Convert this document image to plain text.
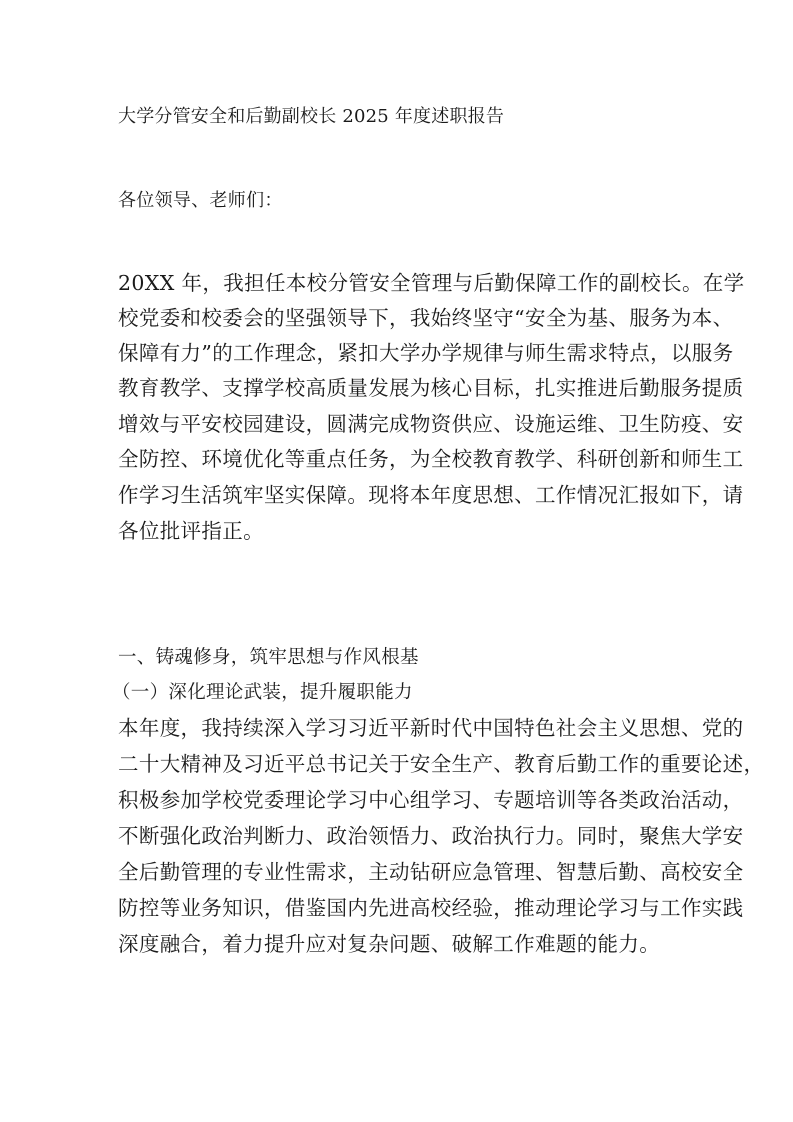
大学分管安全和后勤副校长 2025 年度述职报告
各位领导、老师们：
20XX 年，我担任本校分管安全管理与后勤保障工作的副校长。在学
校党委和校委会的坚强领导下，我始终坚守“安全为基、服务为本、
保障有力”的工作理念，紧扣大学办学规律与师生需求特点，以服务
教育教学、支撑学校高质量发展为核心目标，扎实推进后勤服务提质
增效与平安校园建设，圆满完成物资供应、设施运维、卫生防疫、安
全防控、环境优化等重点任务，为全校教育教学、科研创新和师生工
作学习生活筑牢坚实保障。现将本年度思想、工作情况汇报如下，请
各位批评指正。
一、铸魂修身，筑牢思想与作风根基
（一）深化理论武装，提升履职能力
本年度，我持续深入学习习近平新时代中国特色社会主义思想、党的
二十大精神及习近平总书记关于安全生产、教育后勤工作的重要论述，
积极参加学校党委理论学习中心组学习、专题培训等各类政治活动，
不断强化政治判断力、政治领悟力、政治执行力。同时，聚焦大学安
全后勤管理的专业性需求，主动钻研应急管理、智慧后勤、高校安全
防控等业务知识，借鉴国内先进高校经验，推动理论学习与工作实践
深度融合，着力提升应对复杂问题、破解工作难题的能力。
